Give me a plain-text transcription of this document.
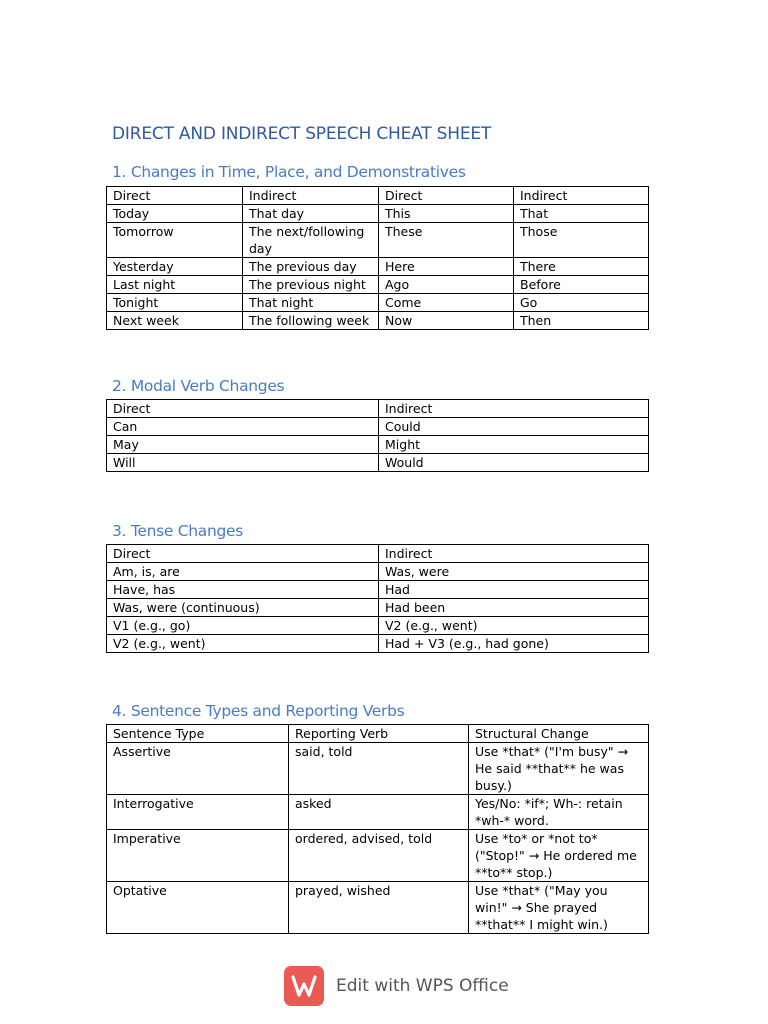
DIRECT AND INDIRECT SPEECH CHEAT SHEET
1. Changes in Time, Place, and Demonstratives
Direct	Indirect	Direct	Indirect
Today	That day	This	That
Tomorrow	The next/following day	These	Those
Yesterday	The previous day	Here	There
Last night	The previous night	Ago	Before
Tonight	That night	Come	Go
Next week	The following week	Now	Then
2. Modal Verb Changes
Direct	Indirect
Can	Could
May	Might
Will	Would
3. Tense Changes
Direct	Indirect
Am, is, are	Was, were
Have, has	Had
Was, were (continuous)	Had been
V1 (e.g., go)	V2 (e.g., went)
V2 (e.g., went)	Had + V3 (e.g., had gone)
4. Sentence Types and Reporting Verbs
Sentence Type	Reporting Verb	Structural Change
Assertive	said, told	Use *that* ("I'm busy" → He said **that** he was busy.)
Interrogative	asked	Yes/No: *if*; Wh-: retain *wh-* word.
Imperative	ordered, advised, told	Use *to* or *not to* ("Stop!" → He ordered me **to** stop.)
Optative	prayed, wished	Use *that* ("May you win!" → She prayed **that** I might win.)
Edit with WPS Office
